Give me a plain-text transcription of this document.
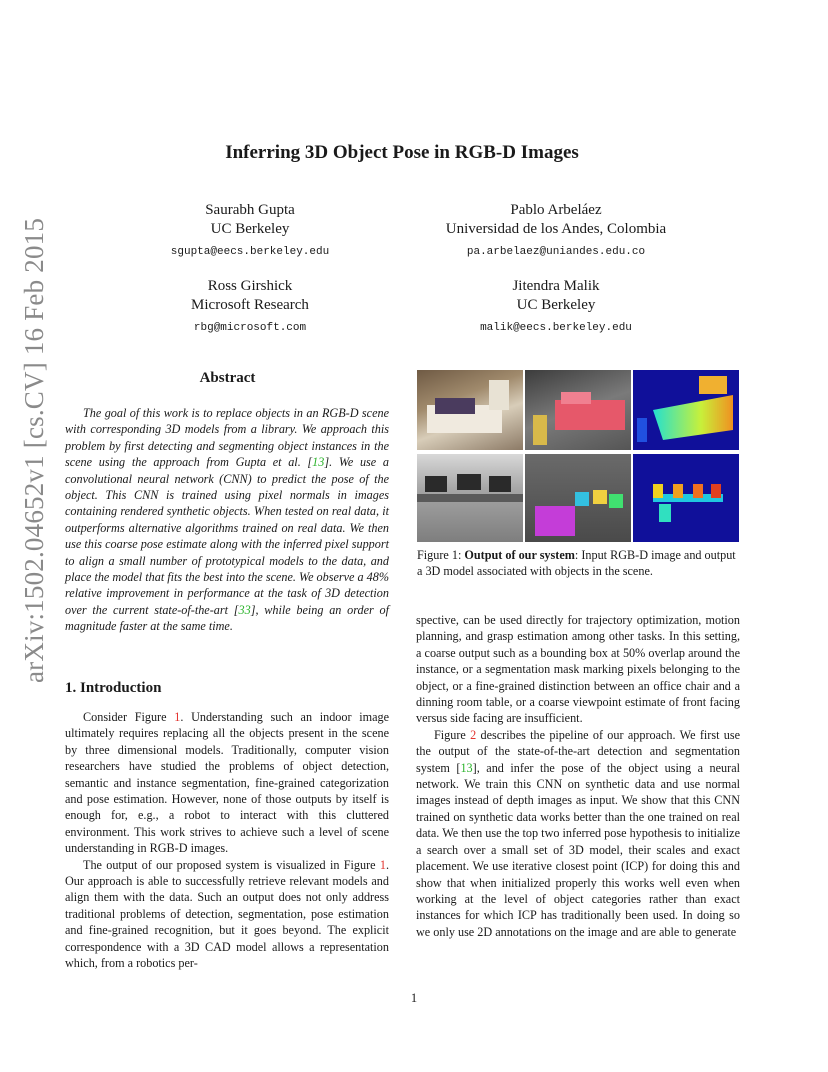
arXiv:1502.04652v1 [cs.CV] 16 Feb 2015
Inferring 3D Object Pose in RGB-D Images
Saurabh Gupta
UC Berkeley
sgupta@eecs.berkeley.edu
Pablo Arbeláez
Universidad de los Andes, Colombia
pa.arbelaez@uniandes.edu.co
Ross Girshick
Microsoft Research
rbg@microsoft.com
Jitendra Malik
UC Berkeley
malik@eecs.berkeley.edu
Abstract

The goal of this work is to replace objects in an RGB-D scene with corresponding 3D models from a library. We approach this problem by first detecting and segmenting object instances in the scene using the approach from Gupta et al. [13]. We use a convolutional neural network (CNN) to predict the pose of the object. This CNN is trained using pixel normals in images containing rendered synthetic objects. When tested on real data, it outperforms alternative algorithms trained on real data. We then use this coarse pose estimate along with the inferred pixel support to align a small number of prototypical models to the data, and place the model that fits the best into the scene. We observe a 48% relative improvement in performance at the task of 3D detection over the current state-of-the-art [33], while being an order of magnitude faster at the same time.

1. Introduction

Consider Figure 1. Understanding such an indoor image ultimately requires replacing all the objects present in the scene by three dimensional models. Traditionally, computer vision researchers have studied the problems of object detection, semantic and instance segmentation, fine-grained categorization and pose estimation. However, none of those outputs by itself is enough for, e.g., a robot to interact with this cluttered environment. This work strives to achieve such a level of scene understanding in RGB-D images.

The output of our proposed system is visualized in Figure 1. Our approach is able to successfully retrieve relevant models and align them with the data. Such an output does not only address traditional problems of detection, segmentation, pose estimation and fine-grained recognition, but it goes beyond. The explicit correspondence with a 3D CAD model allows a representation which, from a robotics per-

Figure 1: Output of our system: Input RGB-D image and output a 3D model associated with objects in the scene.

spective, can be used directly for trajectory optimization, motion planning, and grasp estimation among other tasks. In this setting, a coarse output such as a bounding box at 50% overlap around the instance, or a segmentation mask marking pixels belonging to the object, or a fine-grained distinction between an office chair and a dinning room table, or a coarse viewpoint estimate of front facing versus side facing are insufficient.

Figure 2 describes the pipeline of our approach. We first use the output of the state-of-the-art detection and segmentation system [13], and infer the pose of the object using a neural network. We train this CNN on synthetic data and use normal images instead of depth images as input. We show that this CNN trained on synthetic data works better than the one trained on real data. We then use the top two inferred pose hypothesis to initialize a search over a small set of 3D model, their scales and exact placement. We use iterative closest point (ICP) for doing this and show that when initialized properly this works well even when working at the level of object categories rather than exact instances for which ICP has traditionally been used. In doing so we only use 2D annotations on the image and are able to generate

1
